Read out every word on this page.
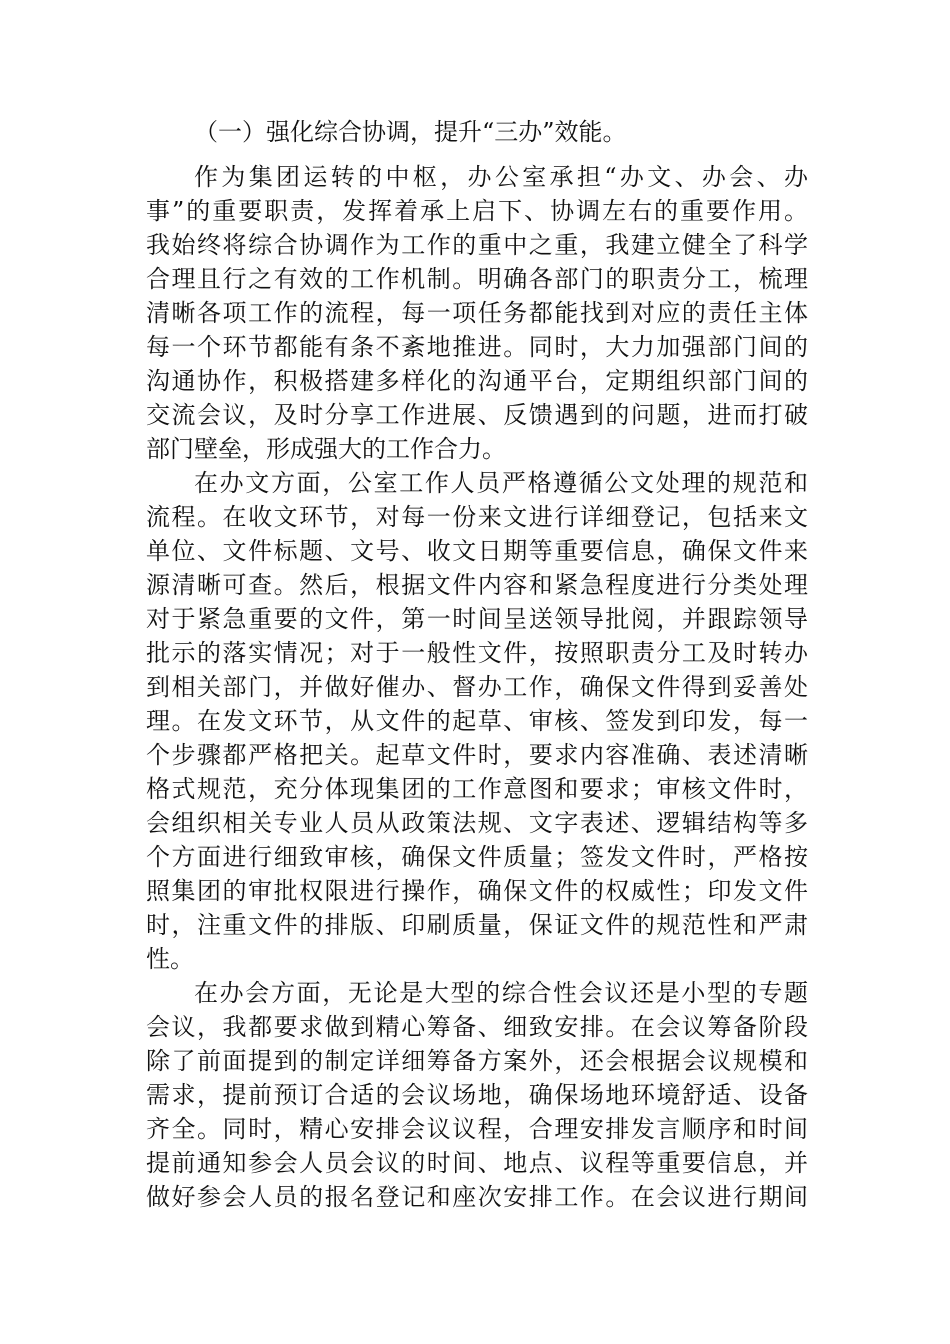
（一）强化综合协调，提升“三办”效能。

作为集团运转的中枢，办公室承担“办文、办会、办
事”的重要职责，发挥着承上启下、协调左右的重要作用。
我始终将综合协调作为工作的重中之重，我建立健全了科学
合理且行之有效的工作机制。明确各部门的职责分工，梳理
清晰各项工作的流程，每一项任务都能找到对应的责任主体
每一个环节都能有条不紊地推进。同时，大力加强部门间的
沟通协作，积极搭建多样化的沟通平台，定期组织部门间的
交流会议，及时分享工作进展、反馈遇到的问题，进而打破
部门壁垒，形成强大的工作合力。
在办文方面，公室工作人员严格遵循公文处理的规范和
流程。在收文环节，对每一份来文进行详细登记，包括来文
单位、文件标题、文号、收文日期等重要信息，确保文件来
源清晰可查。然后，根据文件内容和紧急程度进行分类处理
对于紧急重要的文件，第一时间呈送领导批阅，并跟踪领导
批示的落实情况；对于一般性文件，按照职责分工及时转办
到相关部门，并做好催办、督办工作，确保文件得到妥善处
理。在发文环节，从文件的起草、审核、签发到印发，每一
个步骤都严格把关。起草文件时，要求内容准确、表述清晰
格式规范，充分体现集团的工作意图和要求；审核文件时，
会组织相关专业人员从政策法规、文字表述、逻辑结构等多
个方面进行细致审核，确保文件质量；签发文件时，严格按
照集团的审批权限进行操作，确保文件的权威性；印发文件
时，注重文件的排版、印刷质量，保证文件的规范性和严肃
性。
在办会方面，无论是大型的综合性会议还是小型的专题
会议，我都要求做到精心筹备、细致安排。在会议筹备阶段
除了前面提到的制定详细筹备方案外，还会根据会议规模和
需求，提前预订合适的会议场地，确保场地环境舒适、设备
齐全。同时，精心安排会议议程，合理安排发言顺序和时间
提前通知参会人员会议的时间、地点、议程等重要信息，并
做好参会人员的报名登记和座次安排工作。在会议进行期间
